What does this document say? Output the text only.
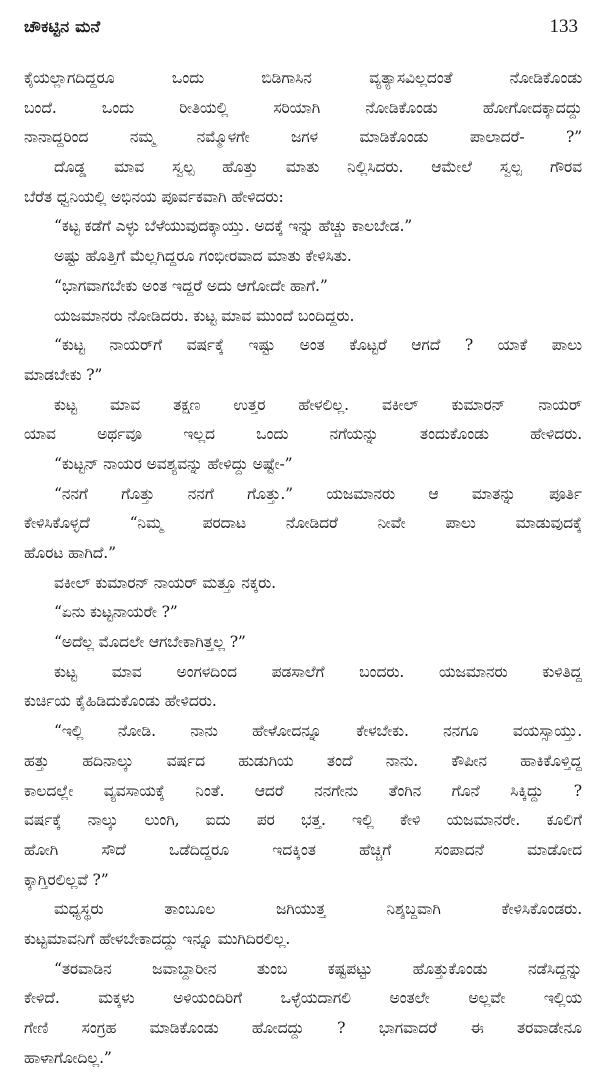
ಚೌಕಟ್ಟಿನ ಮನೆ	133
ಕೈಯಲ್ಲಾಗದಿದ್ದರೂ ಒಂದು ಬಿಡಿಗಾಸಿನ ವ್ಯತ್ಯಾಸವಿಲ್ಲದಂತೆ ನೋಡಿಕೊಂಡು
ಬಂದೆ. ಒಂದು ರೀತಿಯಲ್ಲಿ ಸರಿಯಾಗಿ ನೋಡಿಕೊಂಡು ಹೋಗೋದಕ್ಕಾದದ್ದು
ನಾನಾದ್ದರಿಂದ ನಮ್ಮ ನಮ್ಮೊಳಗೇ ಜಗಳ ಮಾಡಿಕೊಂಡು ಪಾಲಾದರೆ- ?”
ದೊಡ್ಡ ಮಾವ ಸ್ವಲ್ಪ ಹೊತ್ತು ಮಾತು ನಿಲ್ಲಿಸಿದರು. ಆಮೇಲೆ ಸ್ವಲ್ಪ ಗೌರವ
ಬೆರೆತ ಧ್ವನಿಯಲ್ಲಿ ಅಭಿನಯ ಪೂರ್ವಕವಾಗಿ ಹೇಳಿದರು:
“ಕಟ್ಟ ಕಡೆಗೆ ಎಳ್ಳು ಬೆಳೆಯುವುದಕ್ಕಾಯ್ತು. ಅದಕ್ಕೆ ಇನ್ನು ಹೆಚ್ಚು ಕಾಲಬೇಡ.”
ಅಷ್ಟು ಹೊತ್ತಿಗೆ ಮೆಲ್ಲಗಿದ್ದರೂ ಗಂಭೀರವಾದ ಮಾತು ಕೇಳಿಸಿತು.
“ಭಾಗವಾಗಬೇಕು ಅಂತ ಇದ್ದರೆ ಅದು ಆಗೋದೇ ಹಾಗೆ.”
ಯಜಮಾನರು ನೋಡಿದರು. ಕುಟ್ಟ ಮಾವ ಮುಂದೆ ಬಂದಿದ್ದರು.
“ಕುಟ್ಟ ನಾಯರ್‌ಗೆ ವರ್ಷಕ್ಕೆ ಇಷ್ಟು ಅಂತ ಕೊಟ್ಟರೆ ಆಗದೆ ? ಯಾಕೆ ಪಾಲು
ಮಾಡಬೇಕು ?”
ಕುಟ್ಟ ಮಾವ ತಕ್ಷಣ ಉತ್ತರ ಹೇಳಲಿಲ್ಲ. ವಕೀಲ್ ಕುಮಾರನ್ ನಾಯರ್
ಯಾವ ಅರ್ಥವೂ ಇಲ್ಲದ ಒಂದು ನಗೆಯನ್ನು ತಂದುಕೊಂಡು ಹೇಳಿದರು.
“ಕುಟ್ಟನ್ ನಾಯರ ಅವಶ್ಯವನ್ನು ಹೇಳಿದ್ದು ಅಷ್ಟೇ-”
“ನನಗೆ ಗೊತ್ತು ನನಗೆ ಗೊತ್ತು.” ಯಜಮಾನರು ಆ ಮಾತನ್ನು ಪೂರ್ತಿ
ಕೇಳಿಸಿಕೊಳ್ಳದೆ “ನಿಮ್ಮ ಪರದಾಟ ನೋಡಿದರೆ ನೀವೇ ಪಾಲು ಮಾಡುವುದಕ್ಕೆ
ಹೊರಟ ಹಾಗಿದೆ.”
ವಕೀಲ್ ಕುಮಾರನ್ ನಾಯರ್ ಮತ್ತೂ ನಕ್ಕರು.
“ಏನು ಕುಟ್ಟನಾಯರೇ ?”
“ಅದೆಲ್ಲ ಮೊದಲೇ ಆಗಬೇಕಾಗಿತ್ತಲ್ಲ ?”
ಕುಟ್ಟ ಮಾವ ಅಂಗಳದಿಂದ ಪಡಸಾಲೆಗೆ ಬಂದರು. ಯಜಮಾನರು ಕುಳಿತಿದ್ದ
ಕುರ್ಚಿಯ ಕೈಹಿಡಿದುಕೊಂಡು ಹೇಳಿದರು.
“ಇಲ್ಲಿ ನೋಡಿ. ನಾನು ಹೇಳೋದನ್ನೂ ಕೇಳಬೇಕು. ನನಗೂ ವಯಸ್ಸಾಯ್ತು.
ಹತ್ತು ಹದಿನಾಲ್ಕು ವರ್ಷದ ಹುಡುಗಿಯ ತಂದೆ ನಾನು. ಕೌಪೀನ ಹಾಕಿಕೊಳ್ತಿದ್ದ
ಕಾಲದಲ್ಲೇ ವ್ಯವಸಾಯಕ್ಕೆ ನಿಂತೆ. ಆದರೆ ನನಗೇನು ತೆಂಗಿನ ಗೊನೆ ಸಿಕ್ಕಿದ್ದು ?
ವರ್ಷಕ್ಕೆ ನಾಲ್ಕು ಲುಂಗಿ, ಐದು ಪರ ಭತ್ತ. ಇಲ್ಲಿ ಕೇಳಿ ಯಜಮಾನರೇ. ಕೂಲಿಗೆ
ಹೋಗಿ ಸೌದೆ ಒಡೆದಿದ್ದರೂ ಇದಕ್ಕಿಂತ ಹೆಚ್ಚಿಗೆ ಸಂಪಾದನೆ ಮಾಡೋದ
ಕ್ಕಾಗ್ತಿರಲಿಲ್ಲವೆ ?”
ಮಧ್ಯಸ್ಥರು ತಾಂಬೂಲ ಜಗಿಯುತ್ತ ನಿಶ್ಶಬ್ದವಾಗಿ ಕೇಳಿಸಿಕೊಂಡರು.
ಕುಟ್ಟಮಾವನಿಗೆ ಹೇಳಬೇಕಾದದ್ದು ಇನ್ನೂ ಮುಗಿದಿರಲಿಲ್ಲ.
“ತರವಾಡಿನ ಜವಾಬ್ದಾರೀನ ತುಂಬ ಕಷ್ಟಪಟ್ಟು ಹೊತ್ತುಕೊಂಡು ನಡೆಸಿದ್ದನ್ನು
ಕೇಳಿದೆ. ಮಕ್ಕಳು ಅಳಿಯಂದಿರಿಗೆ ಒಳ್ಳೆಯದಾಗಲಿ ಅಂತಲೇ ಅಲ್ಲವೇ ಇಲ್ಲಿಯ
ಗೇಣಿ ಸಂಗ್ರಹ ಮಾಡಿಕೊಂಡು ಹೋದದ್ದು ? ಭಾಗವಾದರೆ ಈ ತರವಾಡೇನೂ
ಹಾಳಾಗೋದಿಲ್ಲ.”
